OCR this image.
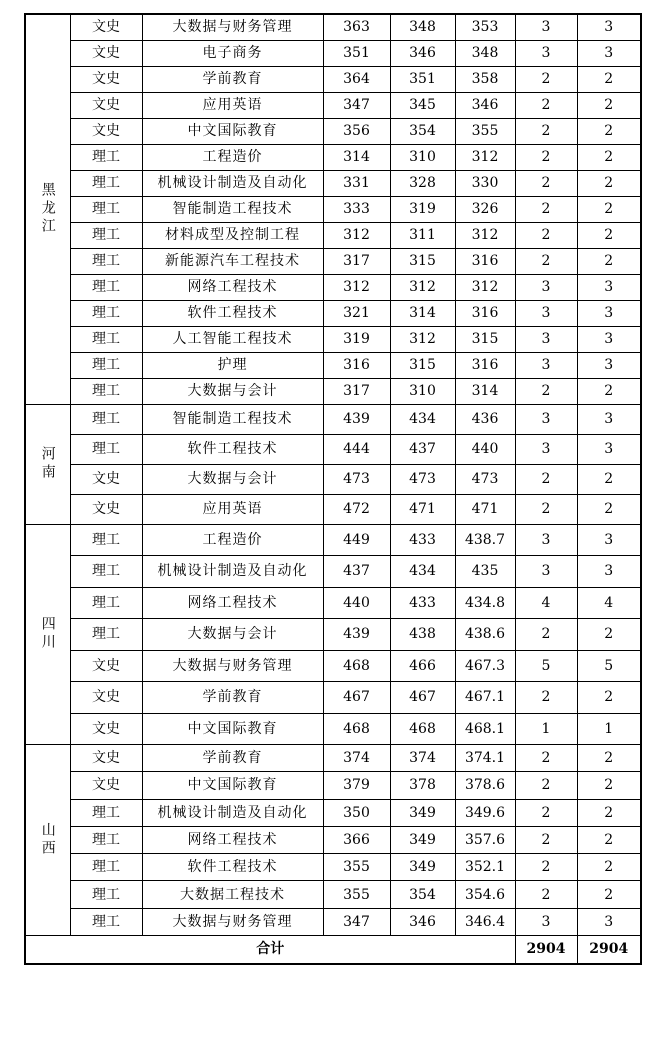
黑龙江	文史	大数据与财务管理	363	348	353	3	3
	文史	电子商务	351	346	348	3	3
	文史	学前教育	364	351	358	2	2
	文史	应用英语	347	345	346	2	2
	文史	中文国际教育	356	354	355	2	2
	理工	工程造价	314	310	312	2	2
	理工	机械设计制造及自动化	331	328	330	2	2
	理工	智能制造工程技术	333	319	326	2	2
	理工	材料成型及控制工程	312	311	312	2	2
	理工	新能源汽车工程技术	317	315	316	2	2
	理工	网络工程技术	312	312	312	3	3
	理工	软件工程技术	321	314	316	3	3
	理工	人工智能工程技术	319	312	315	3	3
	理工	护理	316	315	316	3	3
	理工	大数据与会计	317	310	314	2	2
河南	理工	智能制造工程技术	439	434	436	3	3
	理工	软件工程技术	444	437	440	3	3
	文史	大数据与会计	473	473	473	2	2
	文史	应用英语	472	471	471	2	2
四川	理工	工程造价	449	433	438.7	3	3
	理工	机械设计制造及自动化	437	434	435	3	3
	理工	网络工程技术	440	433	434.8	4	4
	理工	大数据与会计	439	438	438.6	2	2
	文史	大数据与财务管理	468	466	467.3	5	5
	文史	学前教育	467	467	467.1	2	2
	文史	中文国际教育	468	468	468.1	1	1
山西	文史	学前教育	374	374	374.1	2	2
	文史	中文国际教育	379	378	378.6	2	2
	理工	机械设计制造及自动化	350	349	349.6	2	2
	理工	网络工程技术	366	349	357.6	2	2
	理工	软件工程技术	355	349	352.1	2	2
	理工	大数据工程技术	355	354	354.6	2	2
	理工	大数据与财务管理	347	346	346.4	3	3
合计						2904	2904
